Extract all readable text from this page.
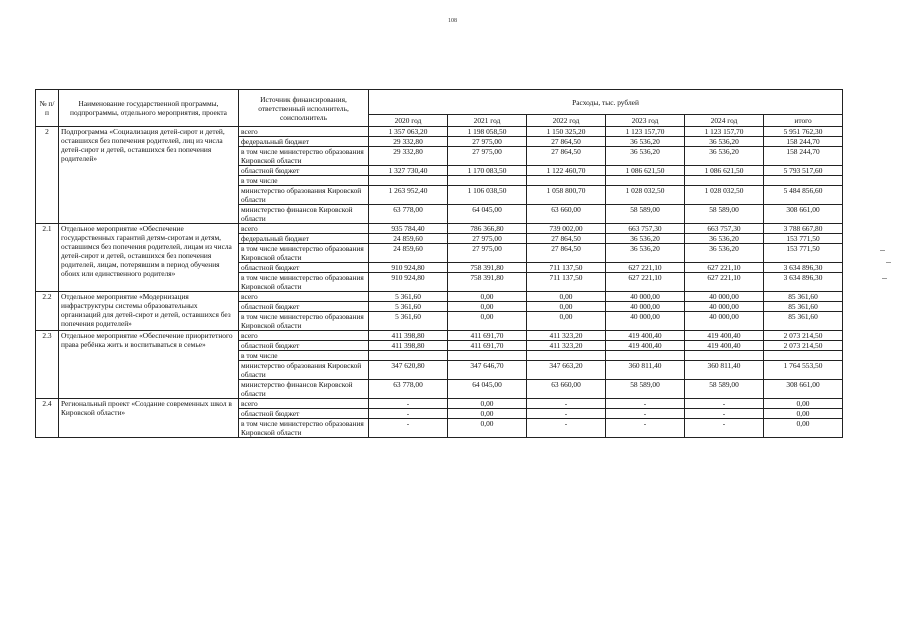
108
№ п/п	Наименование государственной программы, подпрограммы, отдельного мероприятия, проекта	Источник финансирования, ответственный исполнитель, соисполнитель	Расходы, тыс. рублей					
			2020 год	2021 год	2022 год	2023 год	2024 год	итого
2	Подпрограмма «Социализация детей-сирот и детей, оставшихся без попечения родителей, лиц из числа детей-сирот и детей, оставшихся без попечения родителей»	всего	1 357 063,20	1 198 058,50	1 150 325,20	1 123 157,70	1 123 157,70	5 951 762,30
		федеральный бюджет	29 332,80	27 975,00	27 864,50	36 536,20	36 536,20	158 244,70
		в том числе министерство образования Кировской области	29 332,80	27 975,00	27 864,50	36 536,20	36 536,20	158 244,70
		областной бюджет	1 327 730,40	1 170 083,50	1 122 460,70	1 086 621,50	1 086 621,50	5 793 517,60
		в том числе						
		министерство образования Кировской области	1 263 952,40	1 106 038,50	1 058 800,70	1 028 032,50	1 028 032,50	5 484 856,60
		министерство финансов Кировской области	63 778,00	64 045,00	63 660,00	58 589,00	58 589,00	308 661,00
2.1	Отдельное мероприятие «Обеспечение государственных гарантий детям-сиротам и детям, оставшимся без попечения родителей, лицам из числа детей-сирот и детей, оставшихся без попечения родителей, лицам, потерявшим в период обучения обоих или единственного родителя»	всего	935 784,40	786 366,80	739 002,00	663 757,30	663 757,30	3 788 667,80
		федеральный бюджет	24 859,60	27 975,00	27 864,50	36 536,20	36 536,20	153 771,50
		в том числе министерство образования Кировской области	24 859,60	27 975,00	27 864,50	36 536,20	36 536,20	153 771,50
		областной бюджет	910 924,80	758 391,80	711 137,50	627 221,10	627 221,10	3 634 896,30
		в том числе министерство образования Кировской области	910 924,80	758 391,80	711 137,50	627 221,10	627 221,10	3 634 896,30
2.2	Отдельное мероприятие «Модернизация инфраструктуры системы образовательных организаций для детей-сирот и детей, оставшихся без попечения родителей»	всего	5 361,60	0,00	0,00	40 000,00	40 000,00	85 361,60
		областной бюджет	5 361,60	0,00	0,00	40 000,00	40 000,00	85 361,60
		в том числе министерство образования Кировской области	5 361,60	0,00	0,00	40 000,00	40 000,00	85 361,60
2.3	Отдельное мероприятие «Обеспечение приоритетного права ребёнка жить и воспитываться в семье»	всего	411 398,80	411 691,70	411 323,20	419 400,40	419 400,40	2 073 214,50
		областной бюджет	411 398,80	411 691,70	411 323,20	419 400,40	419 400,40	2 073 214,50
		в том числе						
		министерство образования Кировской области	347 620,80	347 646,70	347 663,20	360 811,40	360 811,40	1 764 553,50
		министерство финансов Кировской области	63 778,00	64 045,00	63 660,00	58 589,00	58 589,00	308 661,00
2.4	Региональный проект «Создание современных школ в Кировской области»	всего	-	0,00	-	-	-	0,00
		областной бюджет	-	0,00	-	-	-	0,00
		в том числе министерство образования Кировской области	-	0,00	-	-	-	0,00
